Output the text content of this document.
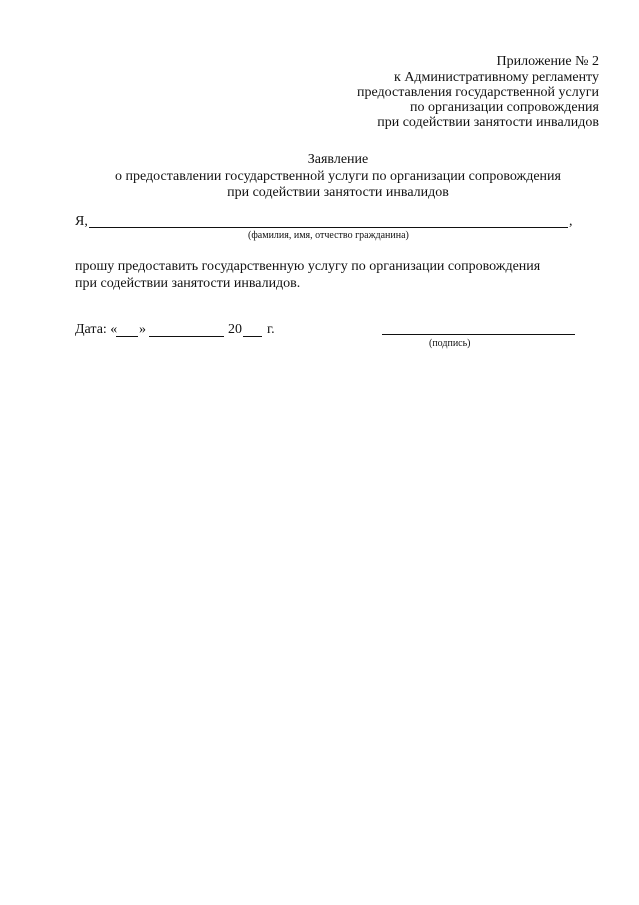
Приложение № 2
к Административному регламенту
предоставления государственной услуги
по организации сопровождения
при содействии занятости инвалидов
Заявление
о предоставлении государственной услуги по организации сопровождения
при содействии занятости инвалидов
Я,	,
(фамилия, имя, отчество гражданина)
прошу предоставить государственную услугу по организации сопровождения
при содействии занятости инвалидов.
Дата: « »	20 г.
(подпись)
